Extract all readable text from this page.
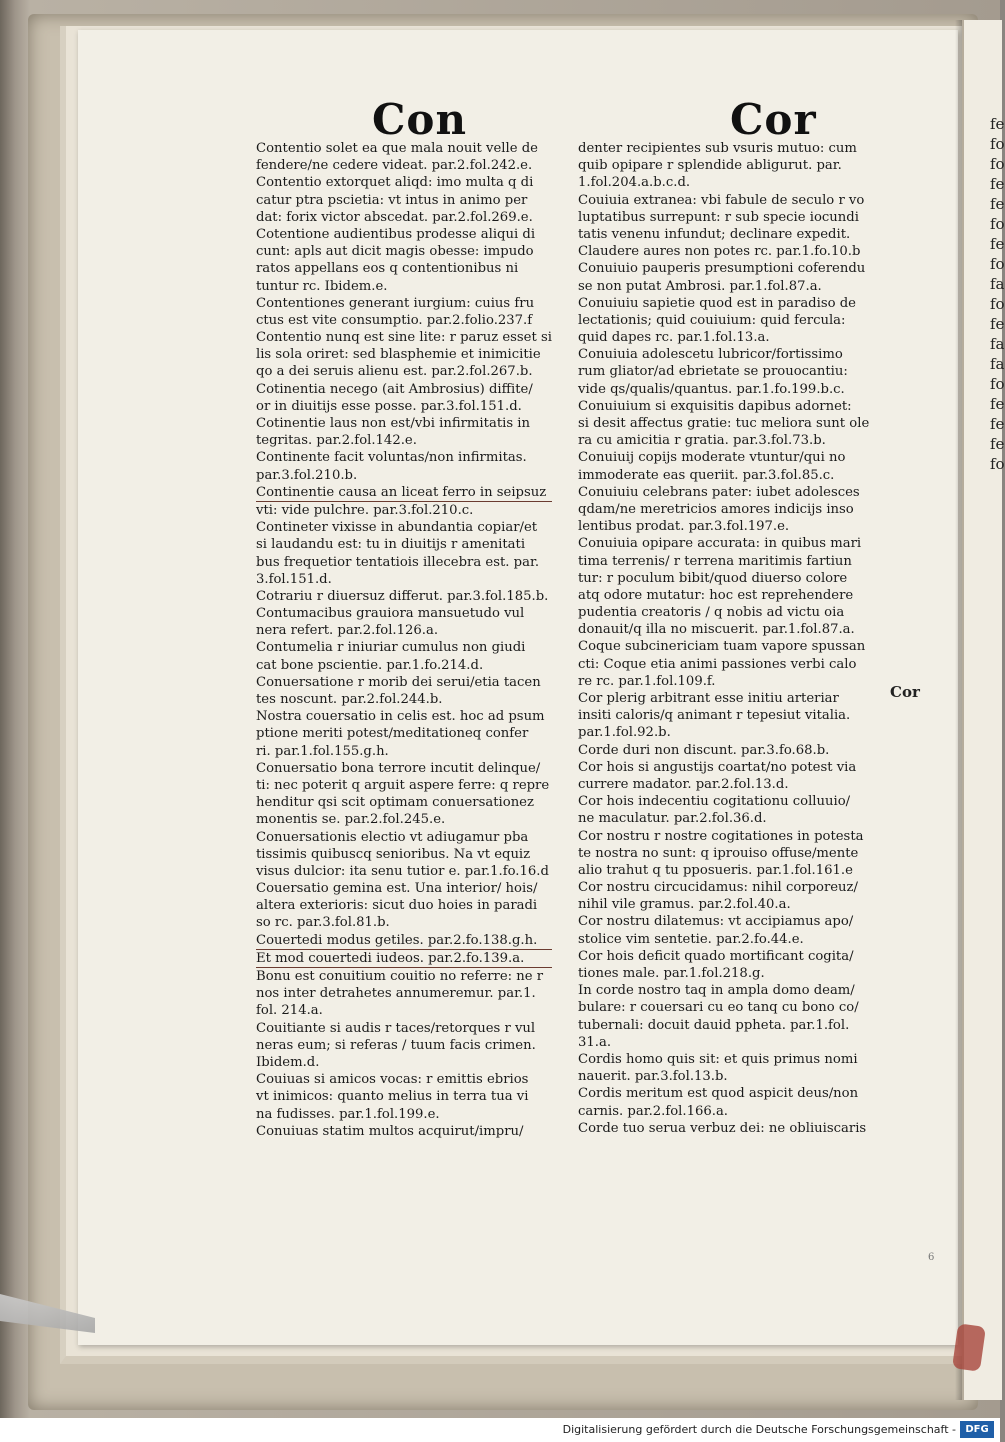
fe
fo
fo
fe
fe
fo
fe
fo
fa
fo
fe
fa
fa
fo
fe
fe
fe
fo
Con	Cor
Contentio solet ea que mala nouit velle de
fendere/ne cedere videat. par.2.fol.242.e.
Contentio extorquet aliqd: imo multa q di
catur ptra pscietia: vt intus in animo per
dat: forix victor abscedat. par.2.fol.269.e.
Cotentione audientibus prodesse aliqui di
cunt: apls aut dicit magis obesse: impudo
ratos appellans eos q contentionibus ni
tuntur rc. Ibidem.e.
Contentiones generant iurgium: cuius fru
ctus est vite consumptio. par.2.folio.237.f
Contentio nunq est sine lite: r paruz esset si
lis sola oriret: sed blasphemie et inimicitie
qo a dei seruis alienu est. par.2.fol.267.b.
Cotinentia necego (ait Ambrosius) diffite/
or in diuitijs esse posse. par.3.fol.151.d.
Cotinentie laus non est/vbi infirmitatis in
tegritas. par.2.fol.142.e.
Continente facit voluntas/non infirmitas.
par.3.fol.210.b.
Continentie causa an liceat ferro in seipsuz
vti: vide pulchre. par.3.fol.210.c.
Contineter vixisse in abundantia copiar/et
si laudandu est: tu in diuitijs r amenitati
bus frequetior tentatiois illecebra est. par.
3.fol.151.d.
Cotrariu r diuersuz differut. par.3.fol.185.b.
Contumacibus grauiora mansuetudo vul
nera refert. par.2.fol.126.a.
Contumelia r iniuriar cumulus non giudi
cat bone pscientie. par.1.fo.214.d.
Conuersatione r morib dei serui/etia tacen
tes noscunt. par.2.fol.244.b.
Nostra couersatio in celis est. hoc ad psum
ptione meriti potest/meditationeq confer
ri. par.1.fol.155.g.h.
Conuersatio bona terrore incutit delinque/
ti: nec poterit q arguit aspere ferre: q repre
henditur qsi scit optimam conuersationez
monentis se. par.2.fol.245.e.
Conuersationis electio vt adiugamur pba
tissimis quibuscq senioribus. Na vt equiz
visus dulcior: ita senu tutior e. par.1.fo.16.d
Couersatio gemina est. Una interior/ hois/
altera exterioris: sicut duo hoies in paradi
so rc. par.3.fol.81.b.
Couertedi modus getiles. par.2.fo.138.g.h.
Et mod couertedi iudeos. par.2.fo.139.a.
Bonu est conuitium couitio no referre: ne r
nos inter detrahetes annumeremur. par.1.
fol. 214.a.
Couitiante si audis r taces/retorques r vul
neras eum; si referas / tuum facis crimen.
Ibidem.d.
Couiuas si amicos vocas: r emittis ebrios
vt inimicos: quanto melius in terra tua vi
na fudisses. par.1.fol.199.e.
Conuiuas statim multos acquirut/impru/
denter recipientes sub vsuris mutuo: cum
quib opipare r splendide abligurut. par.
1.fol.204.a.b.c.d.
Couiuia extranea: vbi fabule de seculo r vo
luptatibus surrepunt: r sub specie iocundi
tatis venenu infundut; declinare expedit.
Claudere aures non potes rc. par.1.fo.10.b
Conuiuio pauperis presumptioni coferendu
se non putat Ambrosi. par.1.fol.87.a.
Conuiuiu sapietie quod est in paradiso de
lectationis; quid couiuium: quid fercula:
quid dapes rc. par.1.fol.13.a.
Conuiuia adolescetu lubricor/fortissimo
rum gliator/ad ebrietate se prouocantiu:
vide qs/qualis/quantus. par.1.fo.199.b.c.
Conuiuium si exquisitis dapibus adornet:
si desit affectus gratie: tuc meliora sunt ole
ra cu amicitia r gratia. par.3.fol.73.b.
Conuiuij copijs moderate vtuntur/qui no
immoderate eas queriit. par.3.fol.85.c.
Conuiuiu celebrans pater: iubet adolesces
qdam/ne meretricios amores indicijs inso
lentibus prodat. par.3.fol.197.e.
Conuiuia opipare accurata: in quibus mari
tima terrenis/ r terrena maritimis fartiun
tur: r poculum bibit/quod diuerso colore
atq odore mutatur: hoc est reprehendere
pudentia creatoris / q nobis ad victu oia
donauit/q illa no miscuerit. par.1.fol.87.a.
Coque subcinericiam tuam vapore spussan
cti: Coque etia animi passiones verbi calo
re rc. par.1.fol.109.f.
Cor plerig arbitrant esse initiu arteriar
insiti caloris/q animant r tepesiut vitalia.
par.1.fol.92.b.
Corde duri non discunt. par.3.fo.68.b.
Cor hois si angustijs coartat/no potest via
currere madator. par.2.fol.13.d.
Cor hois indecentiu cogitationu colluuio/
ne maculatur. par.2.fol.36.d.
Cor nostru r nostre cogitationes in potesta
te nostra no sunt: q iprouiso offuse/mente
alio trahut q tu pposueris. par.1.fol.161.e
Cor nostru circucidamus: nihil corporeuz/
nihil vile gramus. par.2.fol.40.a.
Cor nostru dilatemus: vt accipiamus apo/
stolice vim sentetie. par.2.fo.44.e.
Cor hois deficit quado mortificant cogita/
tiones male. par.1.fol.218.g.
In corde nostro taq in ampla domo deam/
bulare: r couersari cu eo tanq cu bono co/
tubernali: docuit dauid ppheta. par.1.fol.
31.a.
Cordis homo quis sit: et quis primus nomi
nauerit. par.3.fol.13.b.
Cordis meritum est quod aspicit deus/non
carnis. par.2.fol.166.a.
Corde tuo serua verbuz dei: ne obliuiscaris
Cor
6
Digitalisierung gefördert durch die Deutsche Forschungsgemeinschaft - DFG
